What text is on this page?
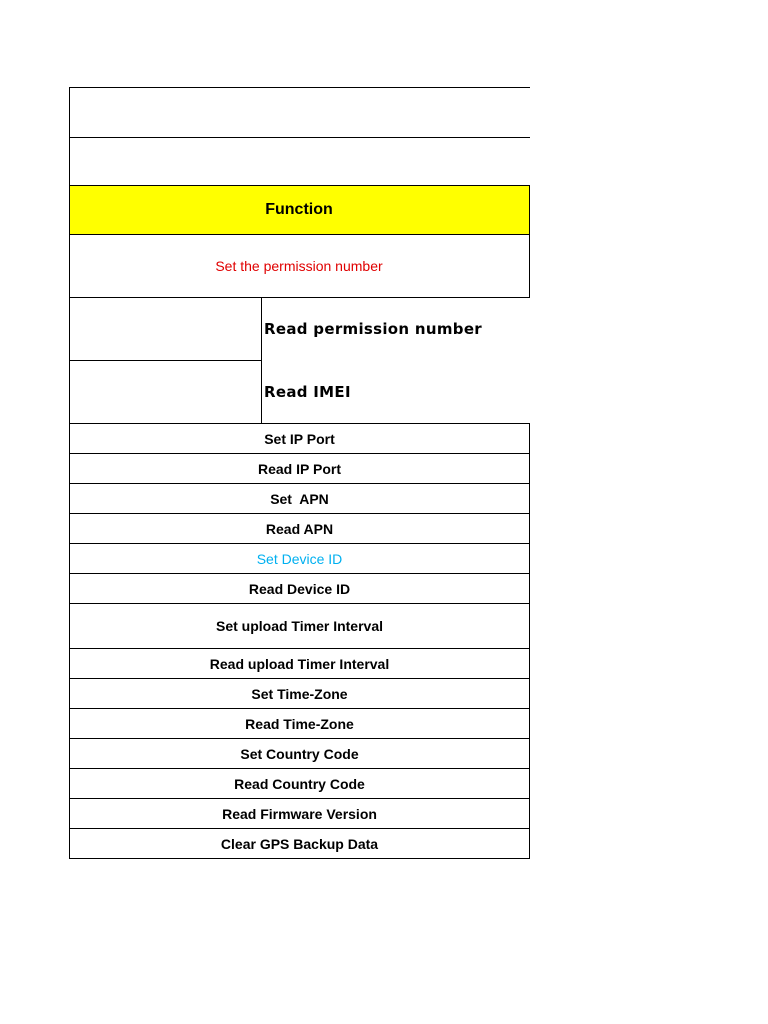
Function
Set the permission number
Read permission number
Read IMEI
Set IP Port
Read IP Port
Set  APN
Read APN
Set Device ID
Read Device ID
Set upload Timer Interval
Read upload Timer Interval
Set Time-Zone
Read Time-Zone
Set Country Code
Read Country Code
Read Firmware Version
Clear GPS Backup Data
